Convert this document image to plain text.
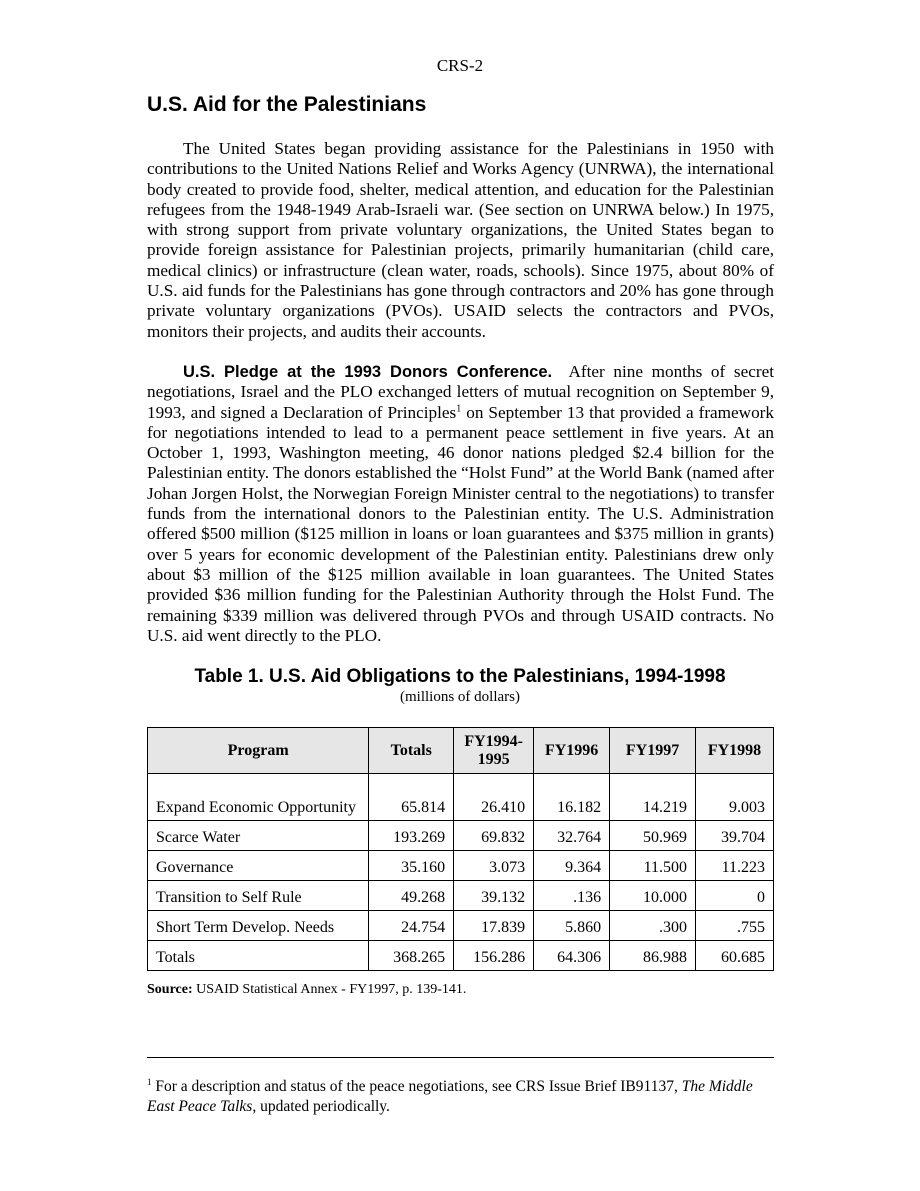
CRS-2
U.S. Aid for the Palestinians

The United States began providing assistance for the Palestinians in 1950 with contributions to the United Nations Relief and Works Agency (UNRWA), the international body created to provide food, shelter, medical attention, and education for the Palestinian refugees from the 1948-1949 Arab-Israeli war. (See section on UNRWA below.) In 1975, with strong support from private voluntary organizations, the United States began to provide foreign assistance for Palestinian projects, primarily humanitarian (child care, medical clinics) or infrastructure (clean water, roads, schools). Since 1975, about 80% of U.S. aid funds for the Palestinians has gone through contractors and 20% has gone through private voluntary organizations (PVOs). USAID selects the contractors and PVOs, monitors their projects, and audits their accounts.

U.S. Pledge at the 1993 Donors Conference. After nine months of secret negotiations, Israel and the PLO exchanged letters of mutual recognition on September 9, 1993, and signed a Declaration of Principles$^1$ on September 13 that provided a framework for negotiations intended to lead to a permanent peace settlement in five years. At an October 1, 1993, Washington meeting, 46 donor nations pledged $2.4 billion for the Palestinian entity. The donors established the “Holst Fund” at the World Bank (named after Johan Jorgen Holst, the Norwegian Foreign Minister central to the negotiations) to transfer funds from the international donors to the Palestinian entity. The U.S. Administration offered $500 million ($125 million in loans or loan guarantees and $375 million in grants) over 5 years for economic development of the Palestinian entity. Palestinians drew only about $3 million of the $125 million available in loan guarantees. The United States provided $36 million funding for the Palestinian Authority through the Holst Fund. The remaining $339 million was delivered through PVOs and through USAID contracts. No U.S. aid went directly to the PLO.

Table 1. U.S. Aid Obligations to the Palestinians, 1994-1998
(millions of dollars)
Program	Totals	FY1994-
1995	FY1996	FY1997	FY1998
Expand Economic Opportunity	65.814	26.410	16.182	14.219	9.003
Scarce Water	193.269	69.832	32.764	50.969	39.704
Governance	35.160	3.073	9.364	11.500	11.223
Transition to Self Rule	49.268	39.132	.136	10.000	0
Short Term Develop. Needs	24.754	17.839	5.860	.300	.755
Totals	368.265	156.286	64.306	86.988	60.685
Source: USAID Statistical Annex - FY1997, p. 139-141.

$^1$ For a description and status of the peace negotiations, see CRS Issue Brief IB91137, The Middle East Peace Talks, updated periodically.
